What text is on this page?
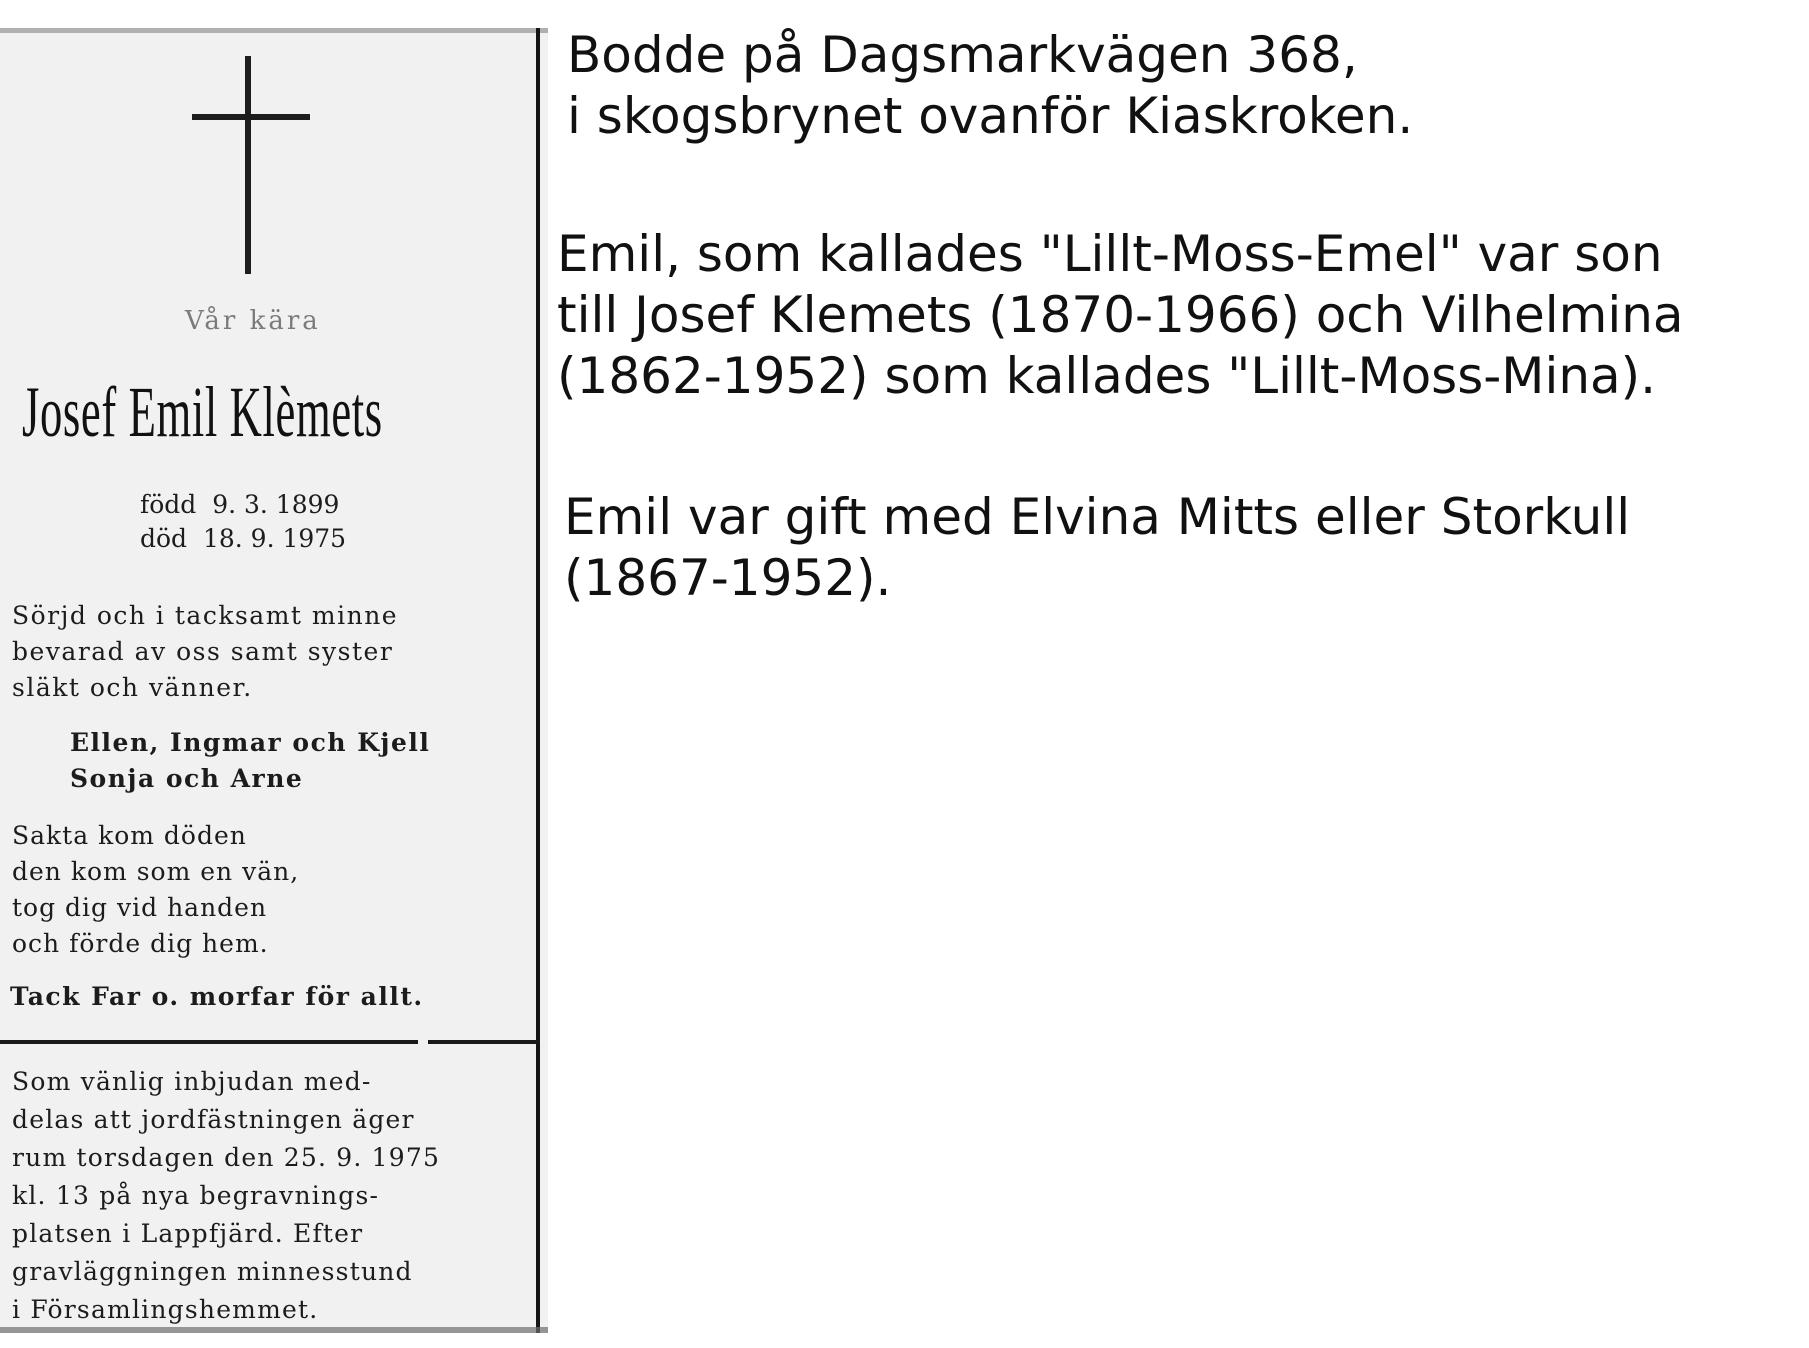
Vår kära
Josef Emil Klèmets
född  9. 3. 1899
död  18. 9. 1975

Sörjd och i tacksamt minne
bevarad av oss samt syster
släkt och vänner.

Ellen, Ingmar och Kjell
Sonja och Arne

Sakta kom döden
den kom som en vän,
tog dig vid handen
och förde dig hem.

Tack Far o. morfar för allt.

Som vänlig inbjudan med-
delas att jordfästningen äger
rum torsdagen den 25. 9. 1975
kl. 13 på nya begravnings-
platsen i Lappfjärd. Efter
gravläggningen minnesstund
i Församlingshemmet.

Bodde på Dagsmarkvägen 368,
i skogsbrynet ovanför Kiaskroken.

Emil, som kallades "Lillt-Moss-Emel" var son
till Josef Klemets (1870-1966) och Vilhelmina
(1862-1952) som kallades "Lillt-Moss-Mina).

Emil var gift med Elvina Mitts eller Storkull
(1867-1952).
